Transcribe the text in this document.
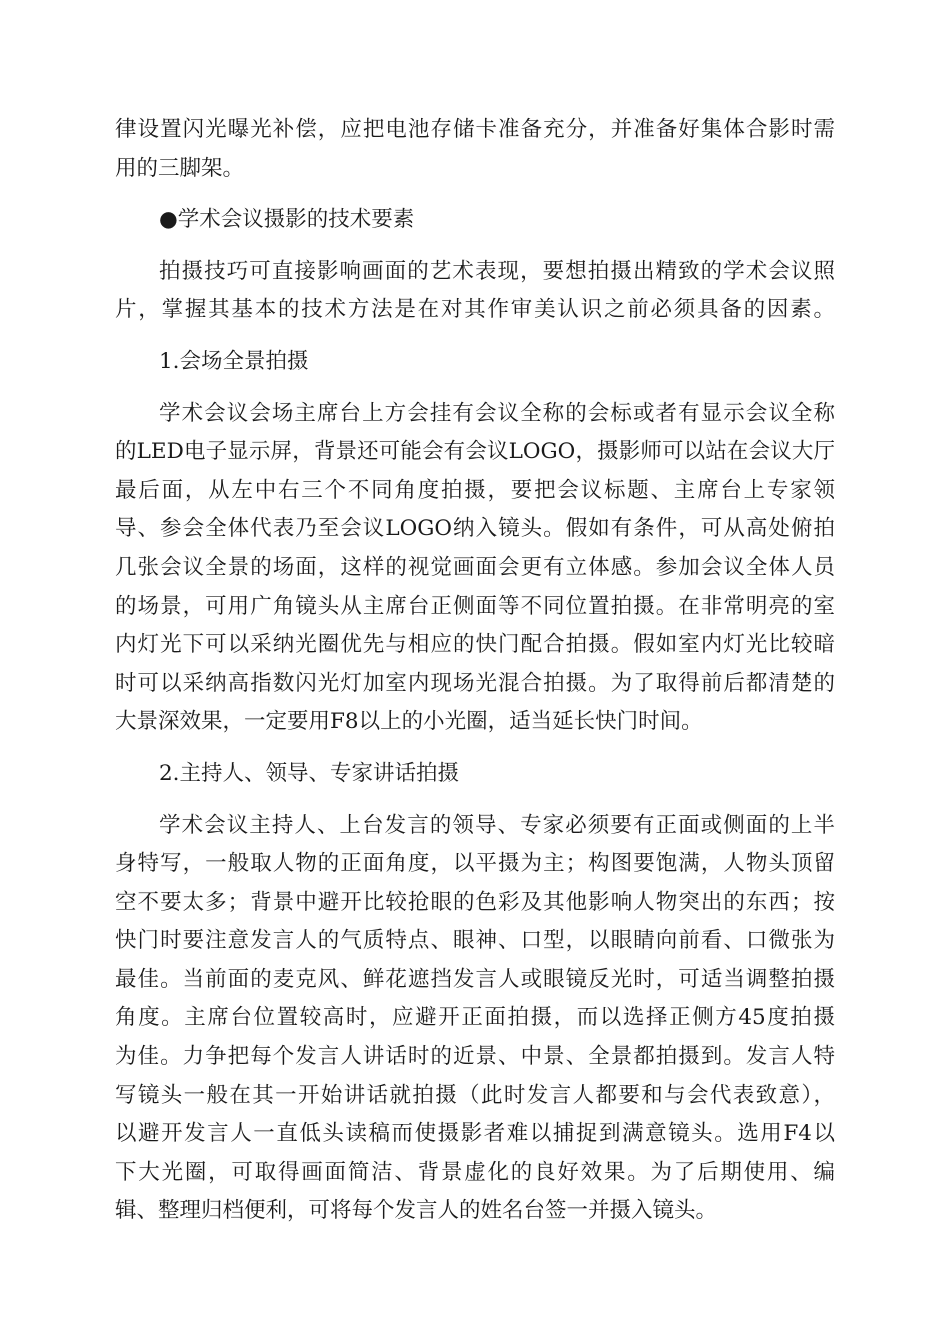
律设置闪光曝光补偿，应把电池存储卡准备充分，并准备好集体合影时需
用的三脚架。
●学术会议摄影的技术要素
拍摄技巧可直接影响画面的艺术表现，要想拍摄出精致的学术会议照
片，掌握其基本的技术方法是在对其作审美认识之前必须具备的因素。
1.会场全景拍摄
学术会议会场主席台上方会挂有会议全称的会标或者有显示会议全称
的LED电子显示屏，背景还可能会有会议LOGO，摄影师可以站在会议大厅
最后面，从左中右三个不同角度拍摄，要把会议标题、主席台上专家领
导、参会全体代表乃至会议LOGO纳入镜头。假如有条件，可从高处俯拍
几张会议全景的场面，这样的视觉画面会更有立体感。参加会议全体人员
的场景，可用广角镜头从主席台正侧面等不同位置拍摄。在非常明亮的室
内灯光下可以采纳光圈优先与相应的快门配合拍摄。假如室内灯光比较暗
时可以采纳高指数闪光灯加室内现场光混合拍摄。为了取得前后都清楚的
大景深效果，一定要用F8以上的小光圈，适当延长快门时间。
2.主持人、领导、专家讲话拍摄
学术会议主持人、上台发言的领导、专家必须要有正面或侧面的上半
身特写，一般取人物的正面角度，以平摄为主；构图要饱满，人物头顶留
空不要太多；背景中避开比较抢眼的色彩及其他影响人物突出的东西；按
快门时要注意发言人的气质特点、眼神、口型，以眼睛向前看、口微张为
最佳。当前面的麦克风、鲜花遮挡发言人或眼镜反光时，可适当调整拍摄
角度。主席台位置较高时，应避开正面拍摄，而以选择正侧方45度拍摄
为佳。力争把每个发言人讲话时的近景、中景、全景都拍摄到。发言人特
写镜头一般在其一开始讲话就拍摄（此时发言人都要和与会代表致意），
以避开发言人一直低头读稿而使摄影者难以捕捉到满意镜头。选用F4以
下大光圈，可取得画面简洁、背景虚化的良好效果。为了后期使用、编
辑、整理归档便利，可将每个发言人的姓名台签一并摄入镜头。
